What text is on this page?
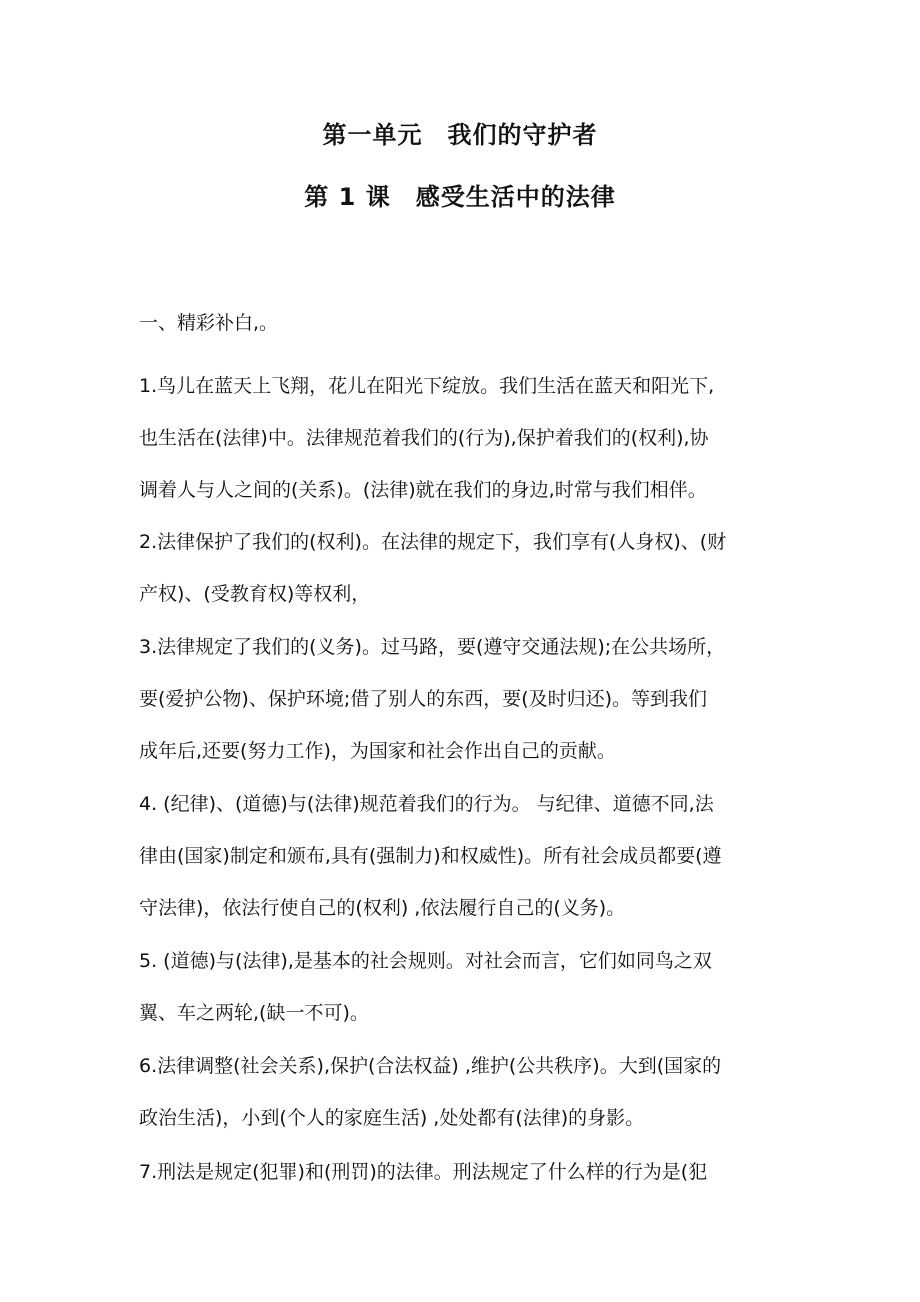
第一单元　我们的守护者
第 1 课　感受生活中的法律
一、精彩补白,。
1.鸟儿在蓝天上飞翔，花儿在阳光下绽放。我们生活在蓝天和阳光下,
也生活在(法律)中。法律规范着我们的(行为),保护着我们的(权利),协
调着人与人之间的(关系)。(法律)就在我们的身边,时常与我们相伴。
2.法律保护了我们的(权利)。在法律的规定下，我们享有(人身权)、(财
产权)、(受教育权)等权利，
3.法律规定了我们的(义务)。过马路，要(遵守交通法规);在公共场所，
要(爱护公物)、保护环境;借了别人的东西，要(及时归还)。等到我们
成年后,还要(努力工作)，为国家和社会作出自己的贡献。
4. (纪律)、(道德)与(法律)规范着我们的行为。 与纪律、道德不同,法
律由(国家)制定和颁布,具有(强制力)和权威性)。所有社会成员都要(遵
守法律)，依法行使自己的(权利) ,依法履行自己的(义务)。
5. (道德)与(法律),是基本的社会规则。对社会而言，它们如同鸟之双
翼、车之两轮,(缺一不可)。
6.法律调整(社会关系),保护(合法权益) ,维护(公共秩序)。大到(国家的
政治生活)，小到(个人的家庭生活) ,处处都有(法律)的身影。
7.刑法是规定(犯罪)和(刑罚)的法律。刑法规定了什么样的行为是(犯
